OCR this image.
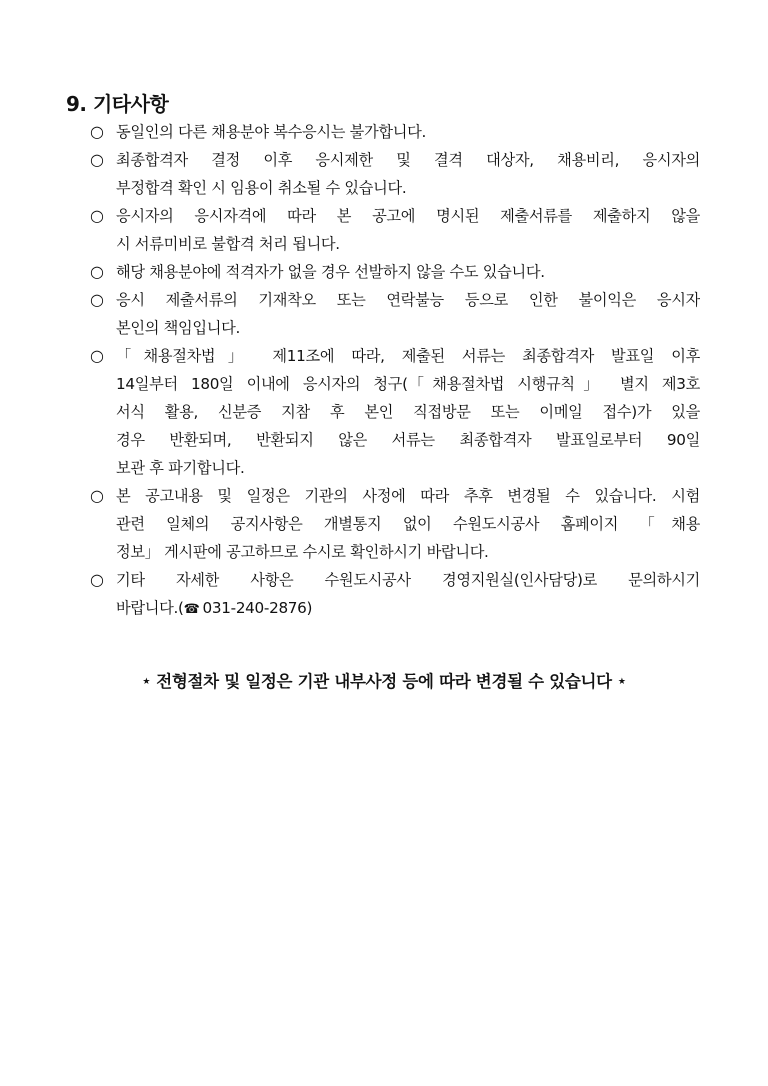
9. 기타사항
○ 동일인의 다른 채용분야 복수응시는 불가합니다.
○ 최종합격자 결정 이후 응시제한 및 결격 대상자, 채용비리, 응시자의
부정합격 확인 시 임용이 취소될 수 있습니다.
○ 응시자의 응시자격에 따라 본 공고에 명시된 제출서류를 제출하지 않을
시 서류미비로 불합격 처리 됩니다.
○ 해당 채용분야에 적격자가 없을 경우 선발하지 않을 수도 있습니다.
○ 응시 제출서류의 기재착오 또는 연락불능 등으로 인한 불이익은 응시자
본인의 책임입니다.
○ 「채용절차법」 제11조에 따라, 제출된 서류는 최종합격자 발표일 이후
14일부터 180일 이내에 응시자의 청구(「채용절차법 시행규칙」 별지 제3호
서식 활용, 신분증 지참 후 본인 직접방문 또는 이메일 접수)가 있을
경우 반환되며, 반환되지 않은 서류는 최종합격자 발표일로부터 90일
보관 후 파기합니다.
○ 본 공고내용 및 일정은 기관의 사정에 따라 추후 변경될 수 있습니다. 시험
관련 일체의 공지사항은 개별통지 없이 수원도시공사 홈페이지 「채용
정보」 게시판에 공고하므로 수시로 확인하시기 바랍니다.
○ 기타 자세한 사항은 수원도시공사 경영지원실(인사담당)로 문의하시기
바랍니다.(☎ 031-240-2876)
★ 전형절차 및 일정은 기관 내부사정 등에 따라 변경될 수 있습니다 ★
